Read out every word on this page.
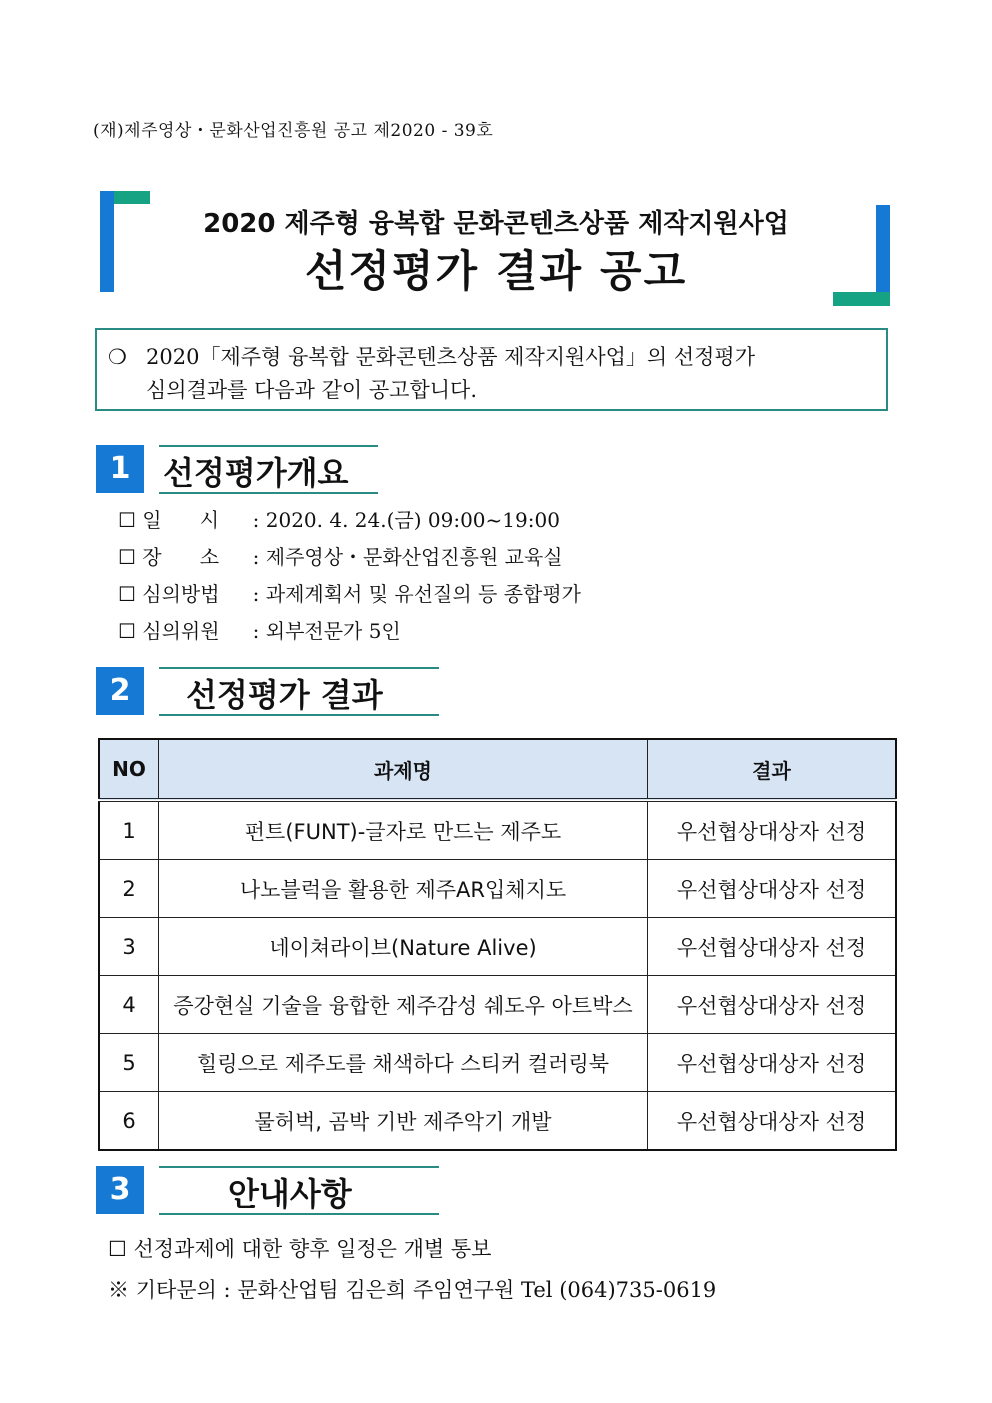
(재)제주영상・문화산업진흥원 공고 제2020 - 39호
2020 제주형 융복합 문화콘텐츠상품 제작지원사업
선정평가 결과 공고
❍ 2020「제주형 융복합 문화콘텐츠상품 제작지원사업」의 선정평가
심의결과를 다음과 같이 공고합니다.
1	선정평가개요
☐ 일      시 : 2020. 4. 24.(금) 09:00~19:00
☐ 장      소 : 제주영상・문화산업진흥원 교육실
☐ 심의방법 : 과제계획서 및 유선질의 등 종합평가
☐ 심의위원 : 외부전문가 5인
2	선정평가 결과
NO	과제명	결과
1	펀트(FUNT)-글자로 만드는 제주도	우선협상대상자 선정
2	나노블럭을 활용한 제주AR입체지도	우선협상대상자 선정
3	네이쳐라이브(Nature Alive)	우선협상대상자 선정
4	증강현실 기술을 융합한 제주감성 쉐도우 아트박스	우선협상대상자 선정
5	힐링으로 제주도를 채색하다 스티커 컬러링북	우선협상대상자 선정
6	물허벅, 곰박 기반 제주악기 개발	우선협상대상자 선정
3	안내사항
☐ 선정과제에 대한 향후 일정은 개별 통보
※ 기타문의 : 문화산업팀 김은희 주임연구원 Tel (064)735-0619
